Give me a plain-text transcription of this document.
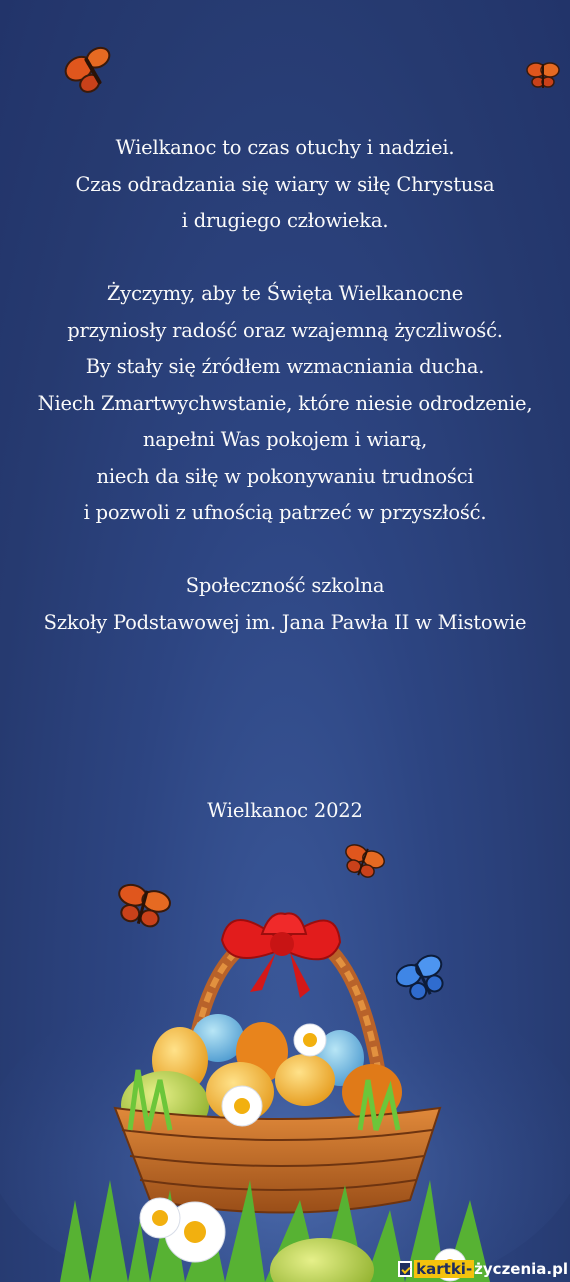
Wielkanoc to czas otuchy i nadziei.
Czas odradzania się wiary w siłę Chrystusa
i drugiego człowieka.
Życzymy, aby te Święta Wielkanocne
przyniosły radość oraz wzajemną życzliwość.
By stały się źródłem wzmacniania ducha.
Niech Zmartwychwstanie, które niesie odrodzenie,
napełni Was pokojem i wiarą,
niech da siłę w pokonywaniu trudności
i pozwoli z ufnością patrzeć w przyszłość.
Społeczność szkolna
Szkoły Podstawowej im. Jana Pawła II w Mistowie
Wielkanoc 2022
kartki- życzenia.pl
